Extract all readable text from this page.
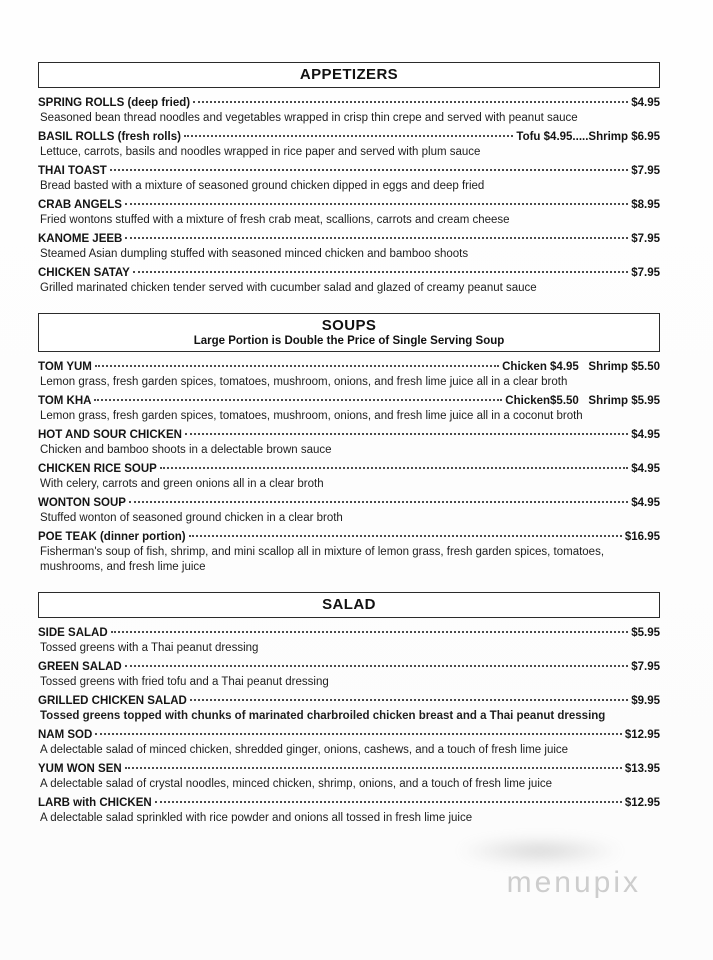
APPETIZERS
SPRING ROLLS (deep fried)	$4.95
Seasoned bean thread noodles and vegetables wrapped in crisp thin crepe and served with peanut sauce
BASIL ROLLS (fresh rolls)	Tofu $4.95.....Shrimp $6.95
Lettuce, carrots, basils and noodles wrapped in rice paper and served with plum sauce
THAI TOAST	$7.95
Bread basted with a mixture of seasoned ground chicken dipped in eggs and deep fried
CRAB ANGELS	$8.95
Fried wontons stuffed with a mixture of fresh crab meat, scallions, carrots and cream cheese
KANOME JEEB	$7.95
Steamed Asian dumpling stuffed with seasoned minced chicken and bamboo shoots
CHICKEN SATAY	$7.95
Grilled marinated chicken tender served with cucumber salad and glazed of creamy peanut sauce
SOUPS
Large Portion is Double the Price of Single Serving Soup
TOM YUM	Chicken $4.95   Shrimp $5.50
Lemon grass, fresh garden spices, tomatoes, mushroom, onions, and fresh lime juice all in a clear broth
TOM KHA	Chicken$5.50   Shrimp $5.95
Lemon grass, fresh garden spices, tomatoes, mushroom, onions, and fresh lime juice all in a coconut broth
HOT AND SOUR CHICKEN	$4.95
Chicken and bamboo shoots in a delectable brown sauce
CHICKEN RICE SOUP	$4.95
With celery, carrots and green onions all in a clear broth
WONTON SOUP	$4.95
Stuffed wonton of seasoned ground chicken in a clear broth
POE TEAK (dinner portion)	$16.95
Fisherman's soup of fish, shrimp, and mini scallop all in mixture of lemon grass, fresh garden spices, tomatoes, mushrooms, and fresh lime juice
SALAD
SIDE SALAD	$5.95
Tossed greens with a Thai peanut dressing
GREEN SALAD	$7.95
Tossed greens with fried tofu and a Thai peanut dressing
GRILLED CHICKEN SALAD	$9.95
Tossed greens topped with chunks of marinated charbroiled chicken breast and a Thai peanut dressing
NAM SOD	$12.95
A delectable salad of minced chicken, shredded ginger, onions, cashews, and a touch of fresh lime juice
YUM WON SEN	$13.95
A delectable salad of crystal noodles, minced chicken, shrimp, onions, and a touch of fresh lime juice
LARB with CHICKEN	$12.95
A delectable salad sprinkled with rice powder and onions all tossed in fresh lime juice
menupix
